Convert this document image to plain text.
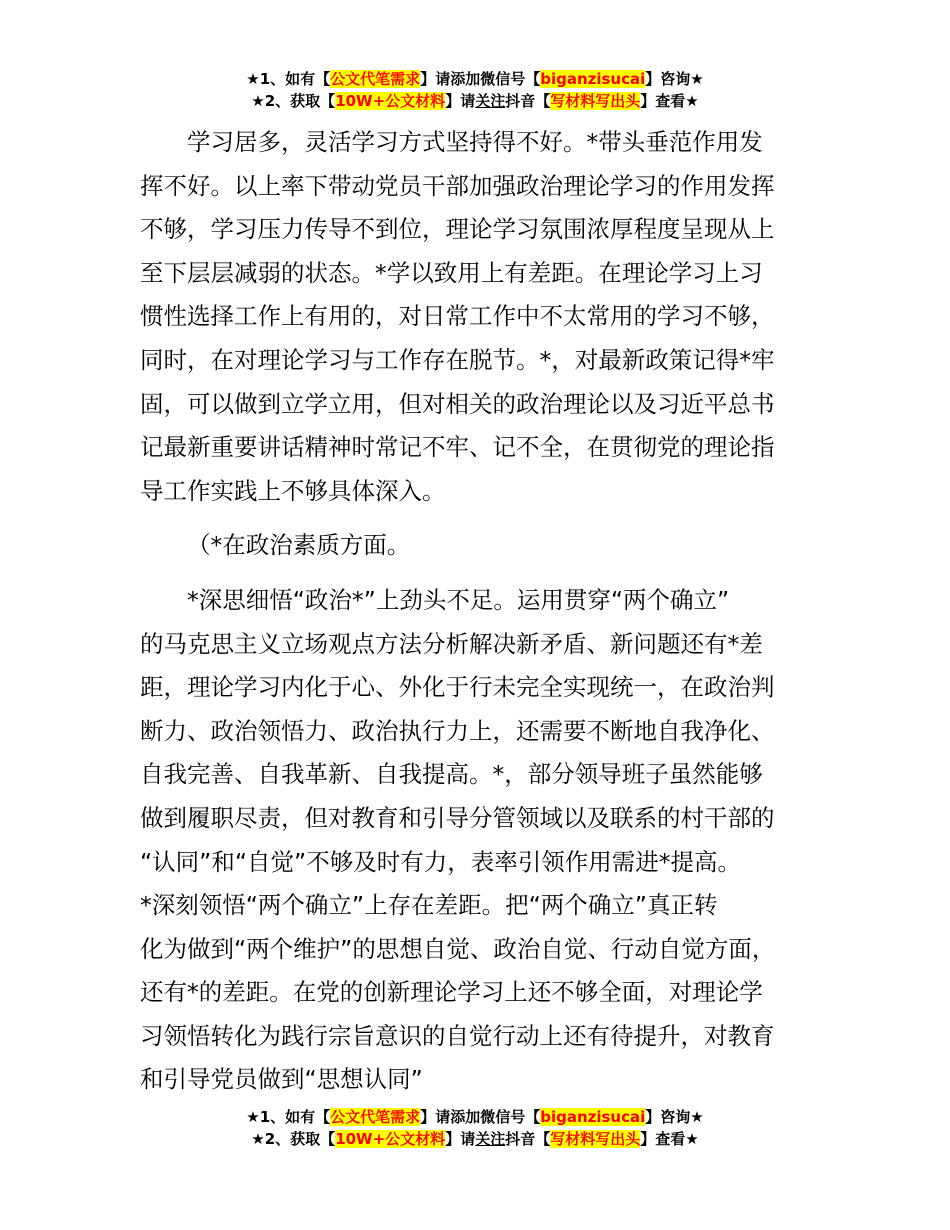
★1、如有【公文代笔需求】请添加微信号【biganzisucai】咨询★
★2、获取【10W+公文材料】请关注抖音【写材料写出头】查看★

学习居多，灵活学习方式坚持得不好。*带头垂范作用发

挥不好。以上率下带动党员干部加强政治理论学习的作用发挥

不够，学习压力传导不到位，理论学习氛围浓厚程度呈现从上

至下层层减弱的状态。*学以致用上有差距。在理论学习上习

惯性选择工作上有用的，对日常工作中不太常用的学习不够，

同时，在对理论学习与工作存在脱节。*，对最新政策记得*牢

固，可以做到立学立用，但对相关的政治理论以及习近平总书

记最新重要讲话精神时常记不牢、记不全，在贯彻党的理论指

导工作实践上不够具体深入。

（*在政治素质方面。

*深思细悟“政治*”上劲头不足。运用贯穿“两个确立”

的马克思主义立场观点方法分析解决新矛盾、新问题还有*差

距，理论学习内化于心、外化于行未完全实现统一，在政治判

断力、政治领悟力、政治执行力上，还需要不断地自我净化、

自我完善、自我革新、自我提高。*，部分领导班子虽然能够

做到履职尽责，但对教育和引导分管领域以及联系的村干部的

“认同”和“自觉”不够及时有力，表率引领作用需进*提高。

*深刻领悟“两个确立”上存在差距。把“两个确立”真正转

化为做到“两个维护”的思想自觉、政治自觉、行动自觉方面，

还有*的差距。在党的创新理论学习上还不够全面，对理论学

习领悟转化为践行宗旨意识的自觉行动上还有待提升，对教育

和引导党员做到“思想认同”

★1、如有【公文代笔需求】请添加微信号【biganzisucai】咨询★
★2、获取【10W+公文材料】请关注抖音【写材料写出头】查看★
